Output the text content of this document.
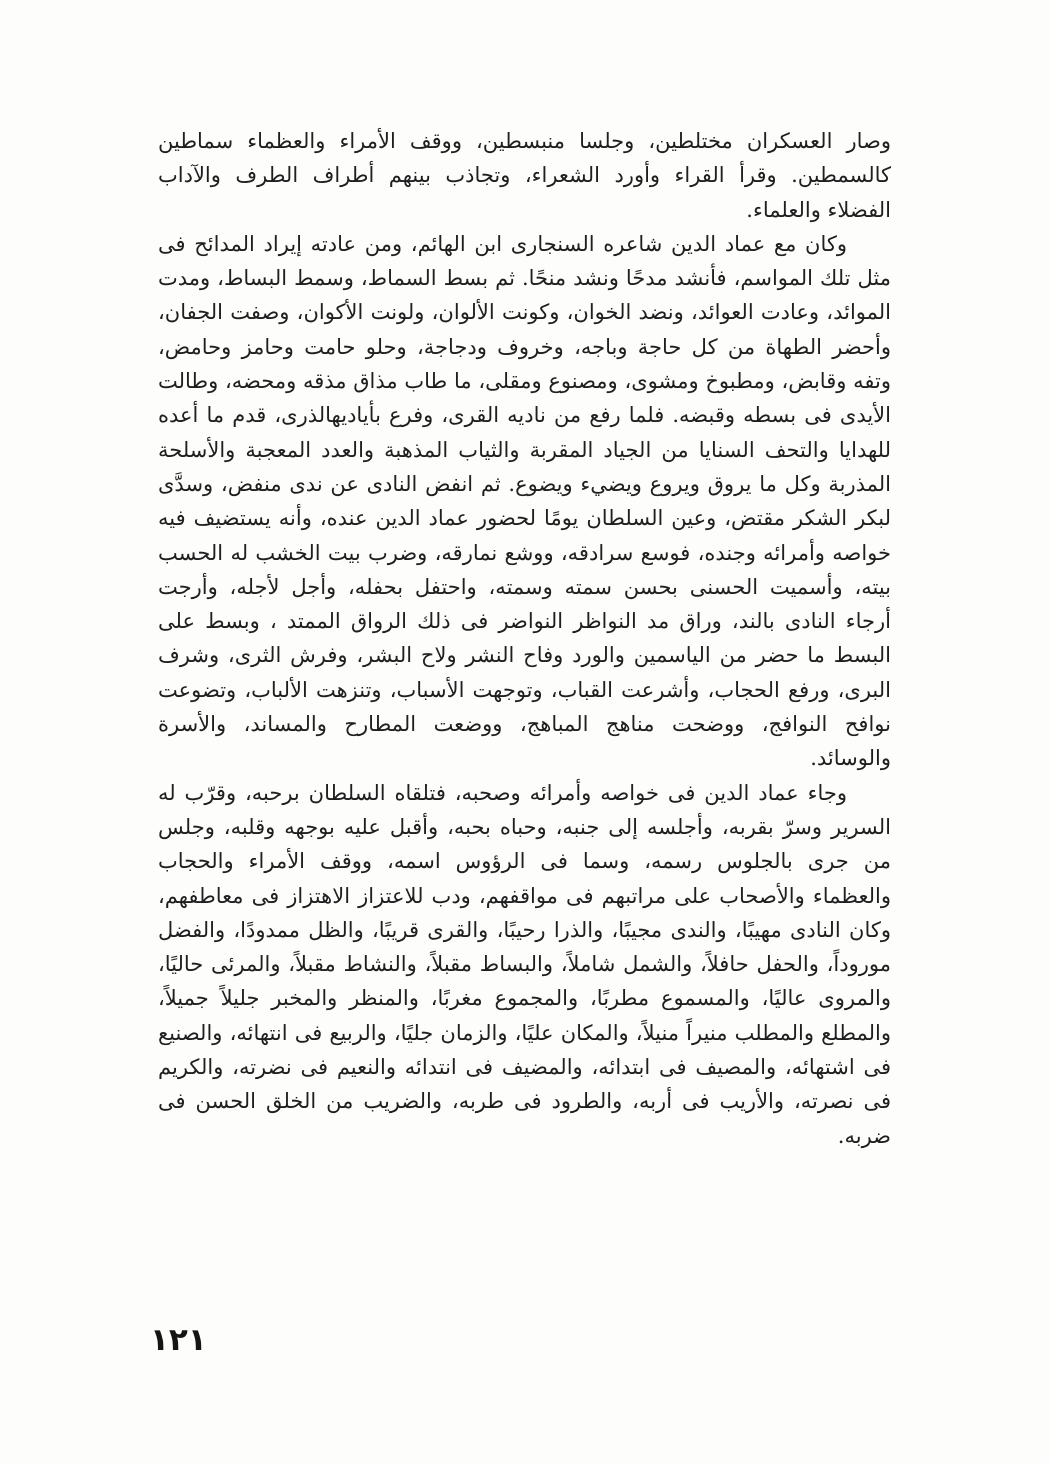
وصار العسكران مختلطين، وجلسا منبسطين، ووقف الأمراء والعظماء سماطين كالسمطين. وقرأ القراء وأورد الشعراء، وتجاذب بينهم أطراف الطرف والآداب الفضلاء والعلماء.

وكان مع عماد الدين شاعره السنجارى ابن الهائم، ومن عادته إيراد المدائح فى مثل تلك المواسم، فأنشد مدحًا ونشد منحًا. ثم بسط السماط، وسمط البساط، ومدت الموائد، وعادت العوائد، ونضد الخوان، وكونت الألوان، ولونت الأكوان، وصفت الجفان، وأحضر الطهاة من كل حاجة وباجه، وخروف ودجاجة، وحلو حامت وحامز وحامض، وتفه وقابض، ومطبوخ ومشوى، ومصنوع ومقلى، ما طاب مذاق مذقه ومحضه، وطالت الأيدى فى بسطه وقبضه. فلما رفع من ناديه القرى، وفرع بأياديهالذرى، قدم ما أعده للهدايا والتحف السنايا من الجياد المقربة والثياب المذهبة والعدد المعجبة والأسلحة المذربة وكل ما يروق ويروع ويضيء ويضوع. ثم انفض النادى عن ندى منفض، وسدَّى لبكر الشكر مقتض، وعين السلطان يومًا لحضور عماد الدين عنده، وأنه يستضيف فيه خواصه وأمرائه وجنده، فوسع سرادقه، ووشع نمارقه، وضرب بيت الخشب له الحسب بيته، وأسميت الحسنى بحسن سمته وسمته، واحتفل بحفله، وأجل لأجله، وأرجت أرجاء النادى بالند، وراق مد النواظر النواضر فى ذلك الرواق الممتد ، وبسط على البسط ما حضر من الياسمين والورد وفاح النشر ولاح البشر، وفرش الثرى، وشرف البرى، ورفع الحجاب، وأشرعت القباب، وتوجهت الأسباب، وتنزهت الألباب، وتضوعت نوافح النوافج، ووضحت مناهج المباهج، ووضعت المطارح والمساند، والأسرة والوسائد.

وجاء عماد الدين فى خواصه وأمرائه وصحبه، فتلقاه السلطان برحبه، وقرّب له السرير وسرّ بقربه، وأجلسه إلى جنبه، وحباه بحبه، وأقبل عليه بوجهه وقلبه، وجلس من جرى بالجلوس رسمه، وسما فى الرؤوس اسمه، ووقف الأمراء والحجاب والعظماء والأصحاب على مراتبهم فى مواقفهم، ودب للاعتزاز الاهتزاز فى معاطفهم، وكان النادى مهيبًا، والندى مجيبًا، والذرا رحيبًا، والقرى قريبًا، والظل ممدودًا، والفضل موروداً، والحفل حافلاً، والشمل شاملاً، والبساط مقبلاً، والنشاط مقبلاً، والمرئى حاليًا، والمروى عاليًا، والمسموع مطربًا، والمجموع مغربًا، والمنظر والمخبر جليلاً جميلاً، والمطلع والمطلب منيراً منيلاً، والمكان عليًا، والزمان جليًا، والربيع فى انتهائه، والصنيع فى اشتهائه، والمصيف فى ابتدائه، والمضيف فى انتدائه والنعيم فى نضرته، والكريم فى نصرته، والأريب فى أربه، والطرود فى طربه، والضريب من الخلق الحسن فى ضربه.

١٢١
